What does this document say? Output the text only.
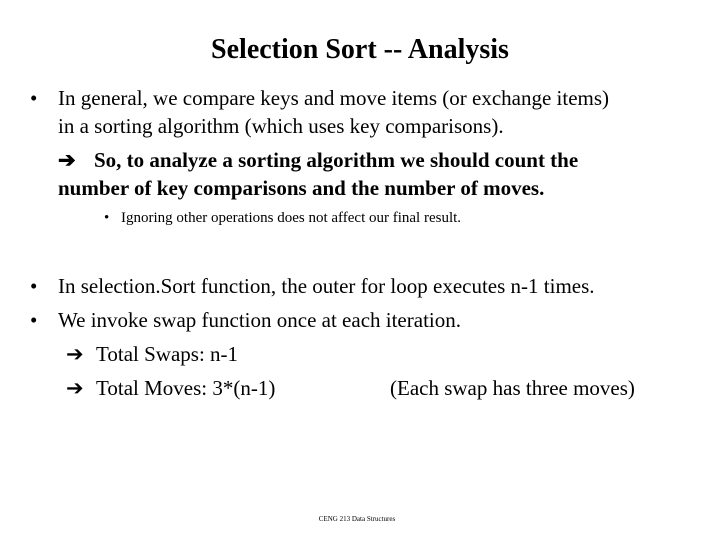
Selection Sort -- Analysis
• In general, we compare keys and move items (or exchange items)
in a sorting algorithm (which uses key comparisons).
➔ So, to analyze a sorting algorithm we should count the
number of key comparisons and the number of moves.
• Ignoring other operations does not affect our final result.
• In selection.Sort function, the outer for loop executes n-1 times.
• We invoke swap function once at each iteration.
➔ Total Swaps: n-1
➔ Total Moves: 3*(n-1)	(Each swap has three moves)
CENG 213 Data Structures
